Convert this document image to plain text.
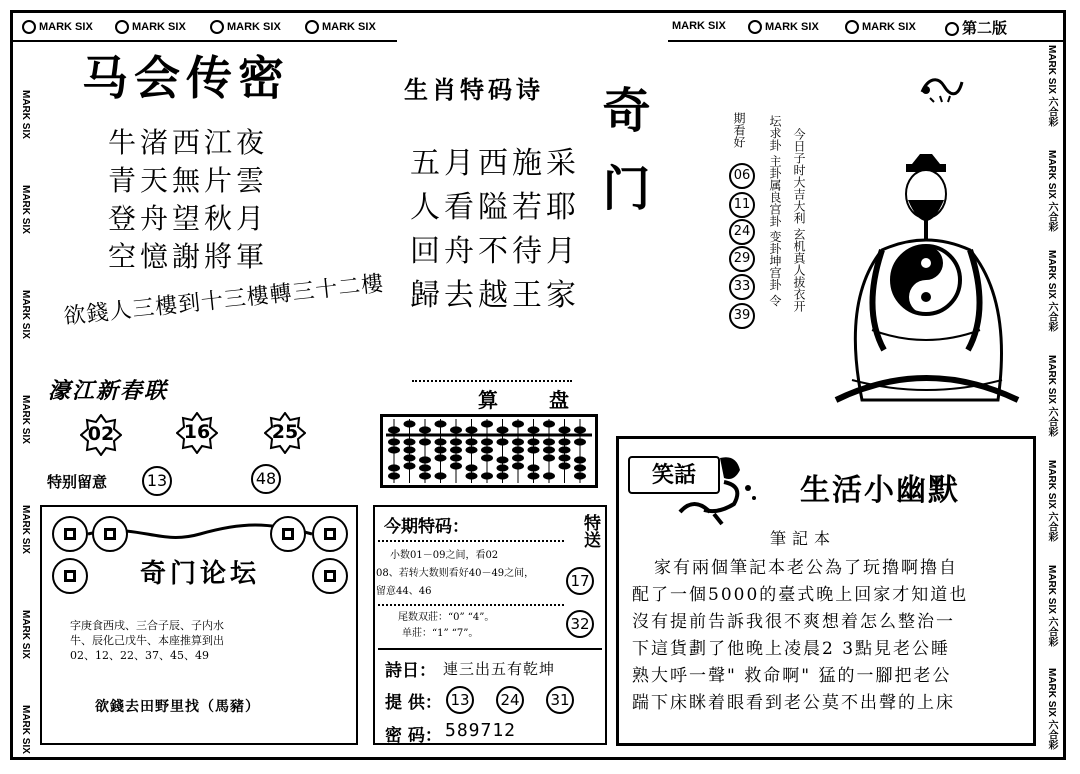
MARK SIX	MARK SIX	MARK SIX	MARK SIX	MARK SIX	MARK SIX	MARK SIX	第二版
MARK SIX
MARK SIX
MARK SIX
MARK SIX
MARK SIX
MARK SIX
MARK SIX
MARK SIX 六合彩
MARK SIX 六合彩
MARK SIX 六合彩
MARK SIX 六合彩
MARK SIX 六合彩
MARK SIX 六合彩
MARK SIX 六合彩
马会传密
牛渚西江夜
青天無片雲
登舟望秋月
空憶謝將軍
欲錢人三樓到十三樓轉三十二樓
生肖特码诗
五月西施采
人看隘若耶
回舟不待月
歸去越王家
奇门	今日子时大吉大利 玄机真人拔衣开
坛求卦 主卦属良宫卦 变卦坤宫卦 令
期看好
06
11
24
29
33
39
濠江新春联
02	16	25
特别留意	13	48
算 盘
奇门论坛
字庚食西戌、三合子辰、子内水
牛、辰化己戊牛、本座推算到出
02、12、22、37、45、49
欲錢去田野里找（馬豬）
今期特码：	特送
小数01－09之间，看02
08、若转大数则看好40－49之间，
留意44、46
尾数双莊：“0” “4”。
单莊：“1” “7”。
17
32
詩日： 連三出五有乾坤
提 供： 13 24 31
密 码： 589712
笑話	生活小幽默
筆記本
家有兩個筆記本老公為了玩擼啊擼自
配了一個5000的臺式晚上回家才知道也
沒有提前告訴我很不爽想着怎么整治一
下這貨劃了他晚上凌晨2 3點見老公睡
熟大呼一聲" 救命啊" 猛的一腳把老公
踹下床眯着眼看到老公莫不出聲的上床
